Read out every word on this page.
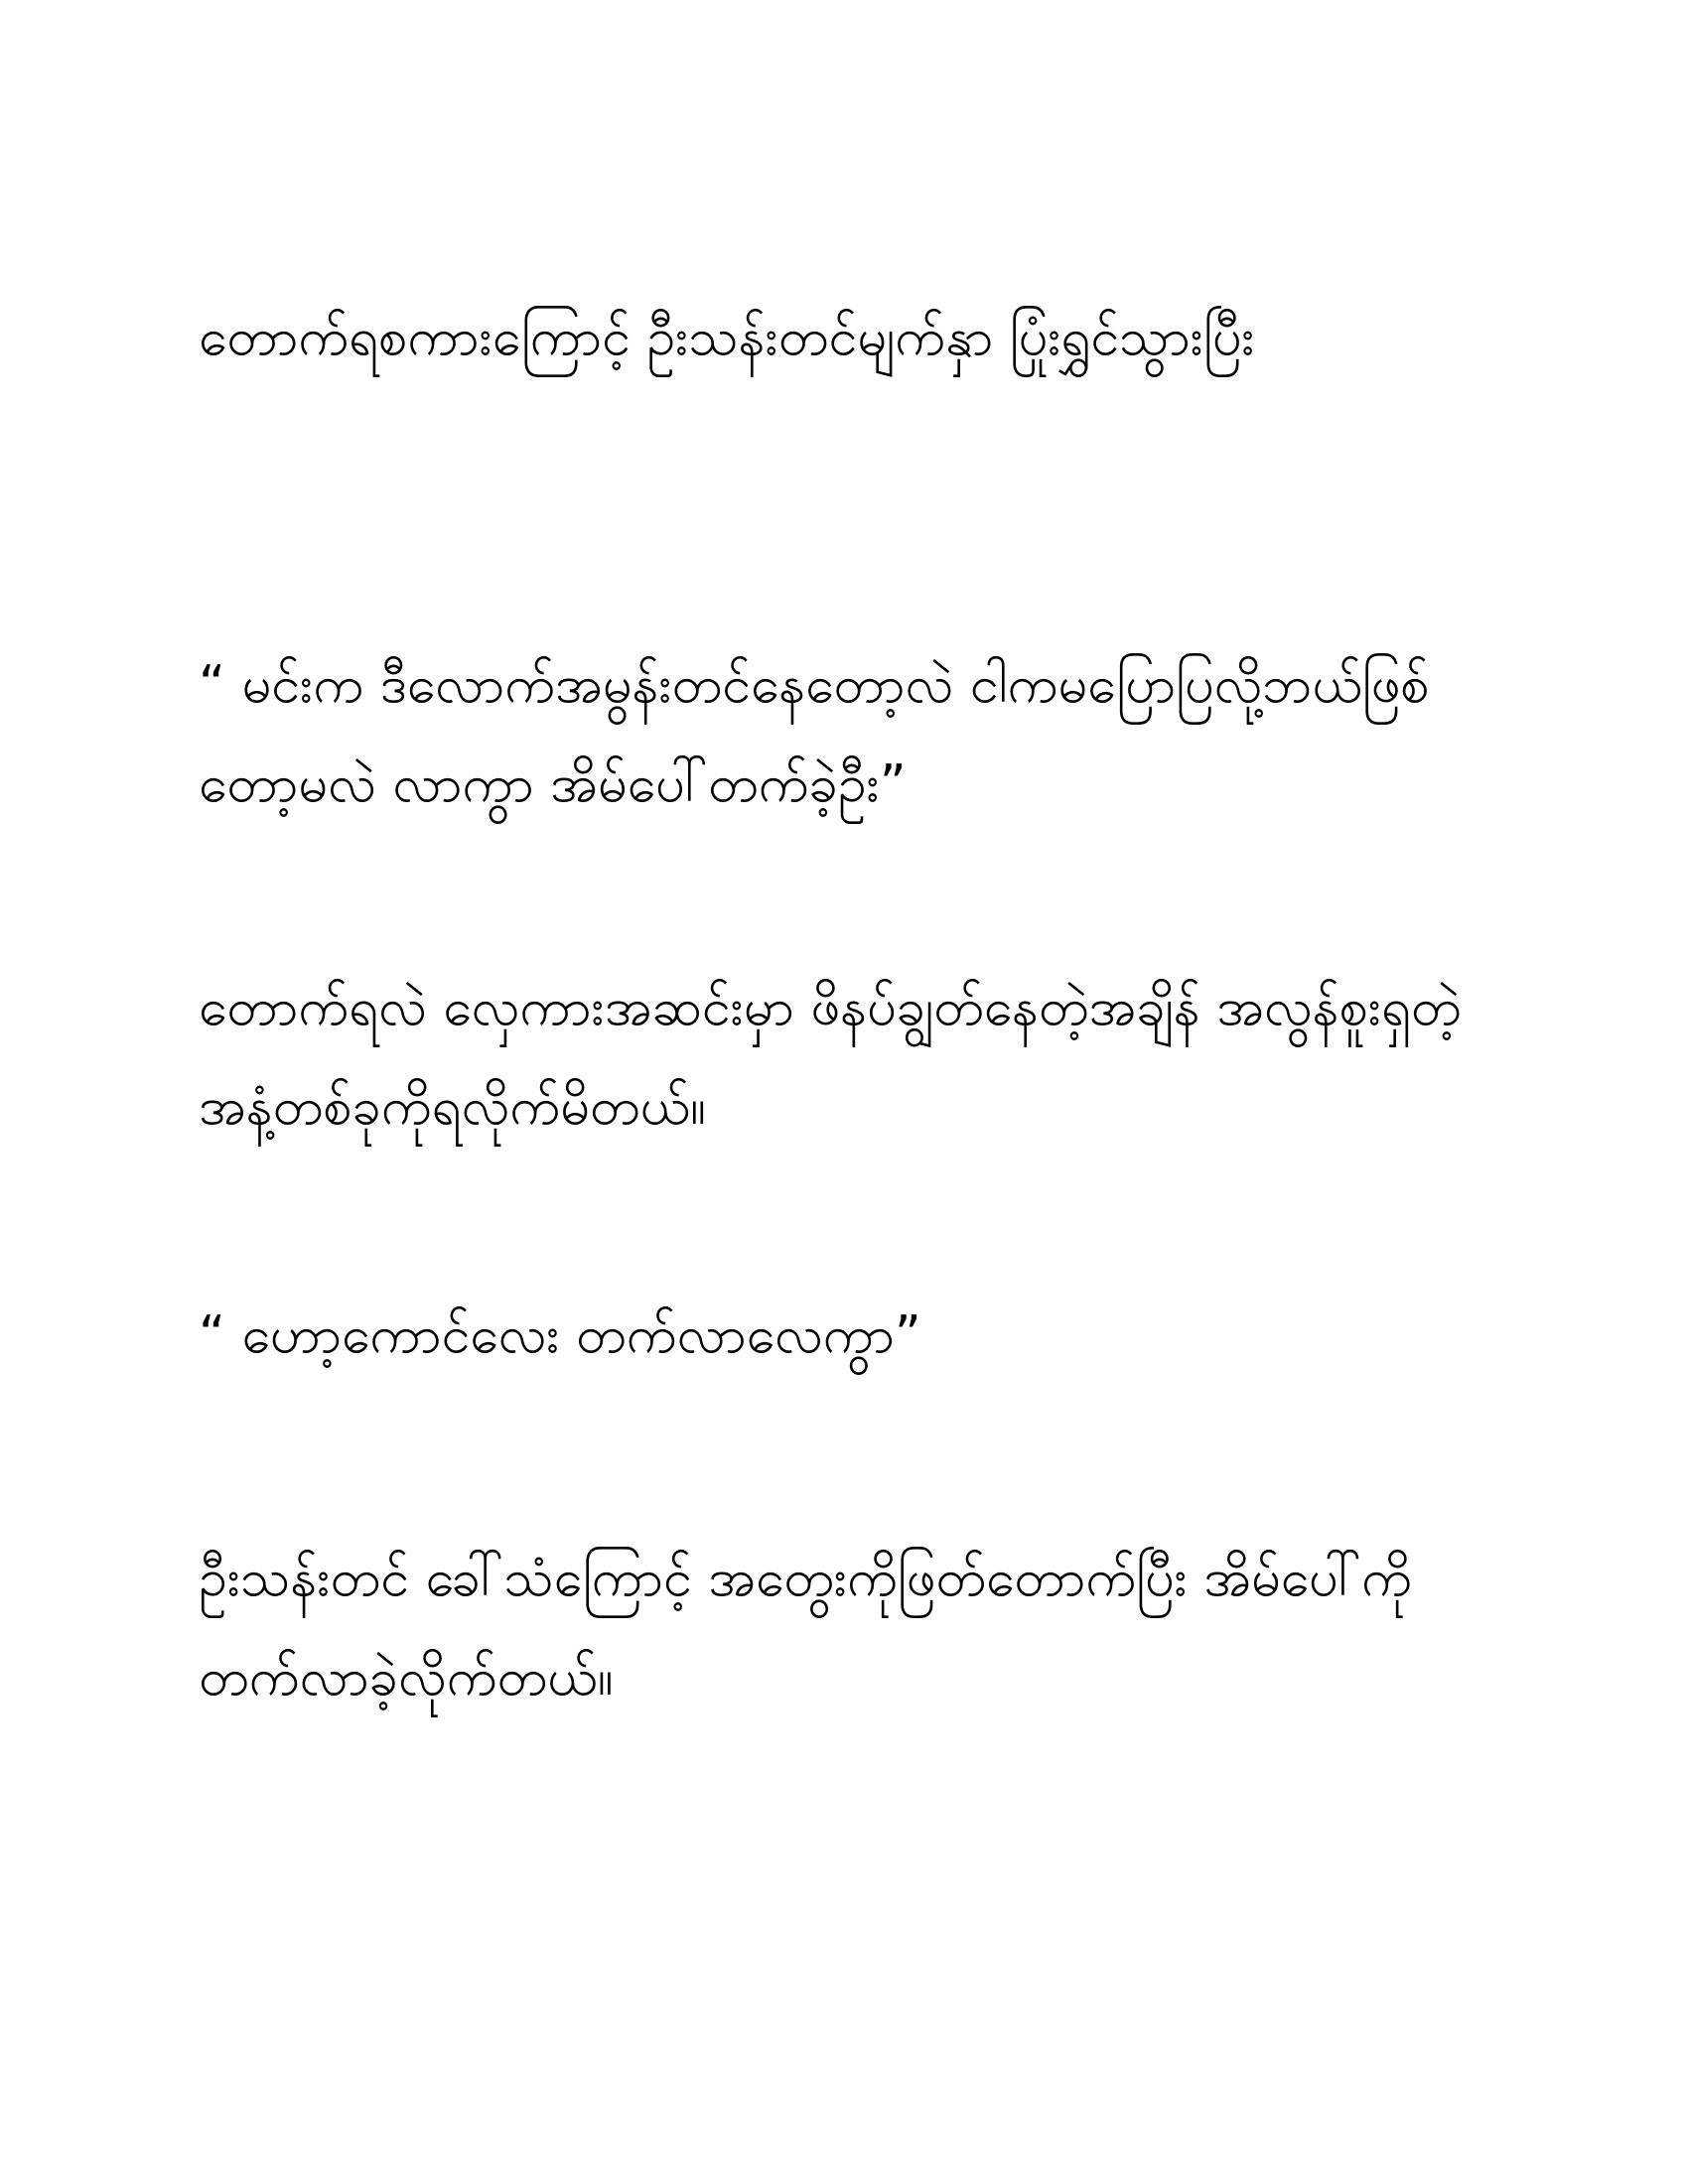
တောက်ရစကားကြောင့် ဦးသန်းတင်မျက်နှာ ပြုံးရွှင်သွားပြီး

“ မင်းက ဒီလောက်အမွန်းတင်နေတော့လဲ ငါကမပြောပြလို့ဘယ်ဖြစ်တော့မလဲ လာကွာ အိမ်ပေါ်တက်ခဲ့ဦး”

တောက်ရလဲ လှေကားအဆင်းမှာ ဖိနပ်ချွတ်နေတဲ့အချိန် အလွန်စူးရှတဲ့အနံ့တစ်ခုကိုရလိုက်မိတယ်။

“ ဟော့ကောင်လေး တက်လာလေကွာ”

ဦးသန်းတင် ခေါ်သံကြောင့် အတွေးကိုဖြတ်တောက်ပြီး အိမ်ပေါ်ကို တက်လာခဲ့လိုက်တယ်။
